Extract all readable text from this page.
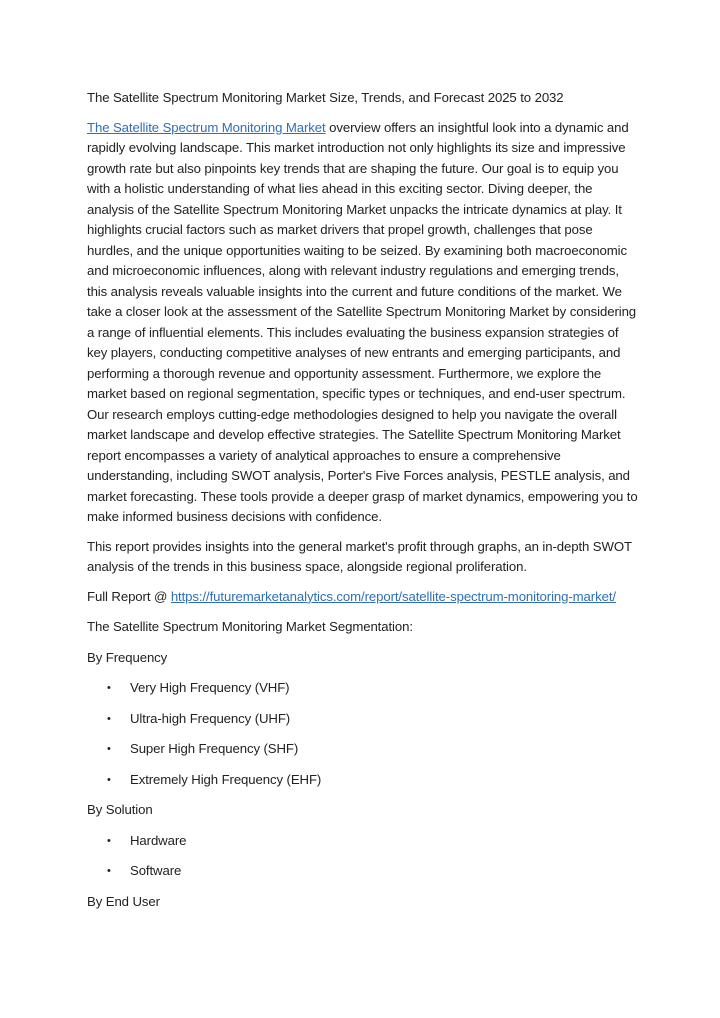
The Satellite Spectrum Monitoring Market Size, Trends, and Forecast 2025 to 2032

The Satellite Spectrum Monitoring Market overview offers an insightful look into a dynamic and rapidly evolving landscape. This market introduction not only highlights its size and impressive growth rate but also pinpoints key trends that are shaping the future. Our goal is to equip you with a holistic understanding of what lies ahead in this exciting sector. Diving deeper, the analysis of the Satellite Spectrum Monitoring Market unpacks the intricate dynamics at play. It highlights crucial factors such as market drivers that propel growth, challenges that pose hurdles, and the unique opportunities waiting to be seized. By examining both macroeconomic and microeconomic influences, along with relevant industry regulations and emerging trends, this analysis reveals valuable insights into the current and future conditions of the market. We take a closer look at the assessment of the Satellite Spectrum Monitoring Market by considering a range of influential elements. This includes evaluating the business expansion strategies of key players, conducting competitive analyses of new entrants and emerging participants, and performing a thorough revenue and opportunity assessment. Furthermore, we explore the market based on regional segmentation, specific types or techniques, and end-user spectrum. Our research employs cutting-edge methodologies designed to help you navigate the overall market landscape and develop effective strategies. The Satellite Spectrum Monitoring Market report encompasses a variety of analytical approaches to ensure a comprehensive understanding, including SWOT analysis, Porter's Five Forces analysis, PESTLE analysis, and market forecasting. These tools provide a deeper grasp of market dynamics, empowering you to make informed business decisions with confidence.

This report provides insights into the general market's profit through graphs, an in-depth SWOT analysis of the trends in this business space, alongside regional proliferation.

Full Report @ https://futuremarketanalytics.com/report/satellite-spectrum-monitoring-market/
The Satellite Spectrum Monitoring Market Segmentation:
By Frequency
• Very High Frequency (VHF)
• Ultra-high Frequency (UHF)
• Super High Frequency (SHF)
• Extremely High Frequency (EHF)
By Solution
• Hardware
• Software
By End User
